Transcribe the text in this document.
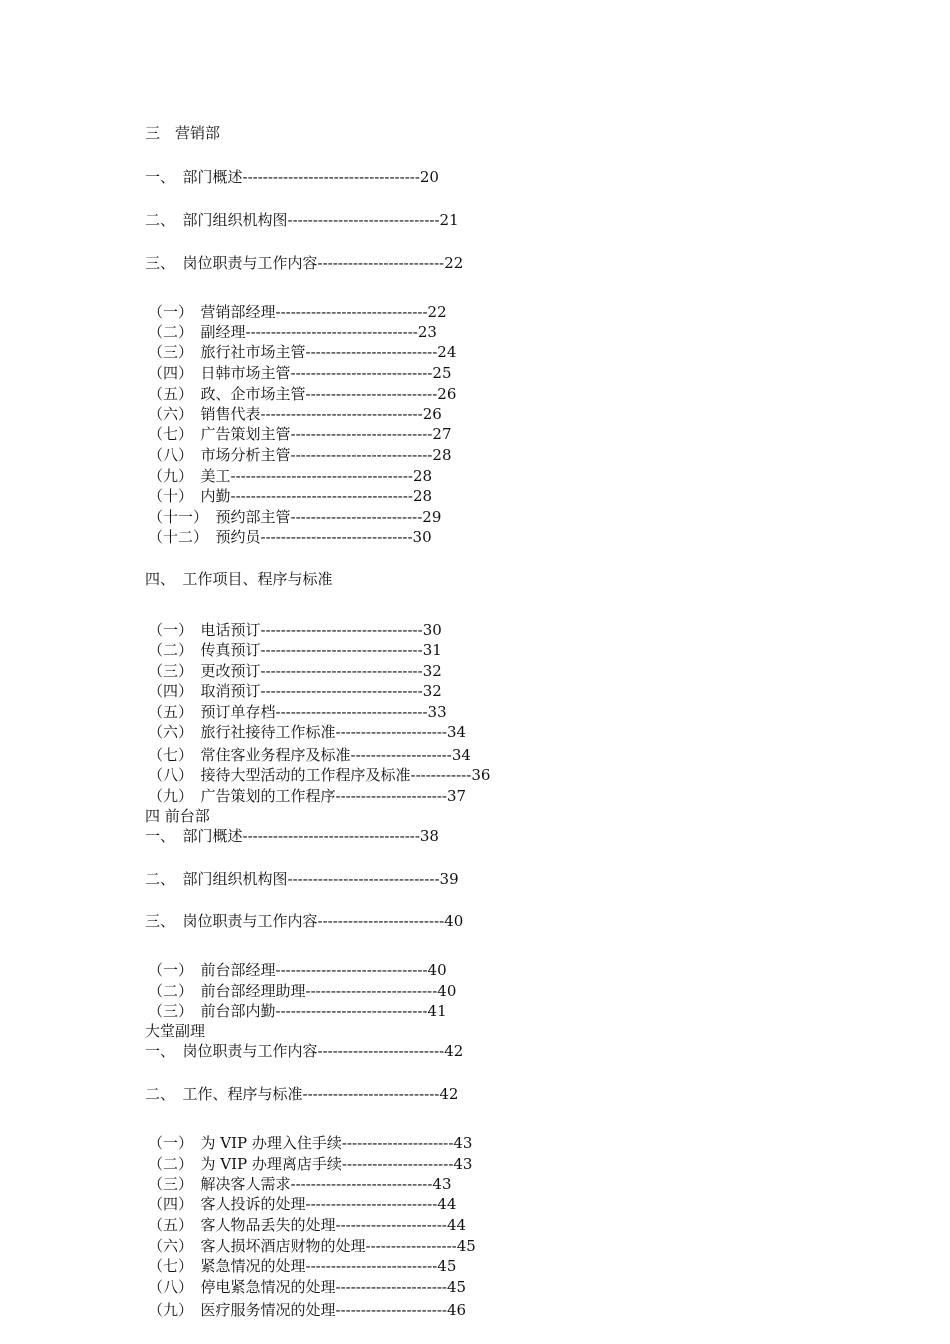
三　营销部
一、　部门概述-----------------------------------20
二、　部门组织机构图------------------------------21
三、　岗位职责与工作内容-------------------------22
（一）　营销部经理------------------------------22
（二）　副经理----------------------------------23
（三）　旅行社市场主管--------------------------24
（四）　日韩市场主管----------------------------25
（五）　政、企市场主管--------------------------26
（六）　销售代表--------------------------------26
（七）　广告策划主管----------------------------27
（八）　市场分析主管----------------------------28
（九）　美工------------------------------------28
（十）　内勤------------------------------------28
（十一）　预约部主管--------------------------29
（十二）　预约员------------------------------30
四、　工作项目、程序与标准
（一）　电话预订--------------------------------30
（二）　传真预订--------------------------------31
（三）　更改预订--------------------------------32
（四）　取消预订--------------------------------32
（五）　预订单存档------------------------------33
（六）　旅行社接待工作标准----------------------34
（七）　常住客业务程序及标准--------------------34
（八）　接待大型活动的工作程序及标准------------36
（九）　广告策划的工作程序----------------------37
四 前台部
一、　部门概述-----------------------------------38
二、　部门组织机构图------------------------------39
三、　岗位职责与工作内容-------------------------40
（一）　前台部经理------------------------------40
（二）　前台部经理助理--------------------------40
（三）　前台部内勤------------------------------41
大堂副理
一、　岗位职责与工作内容-------------------------42
二、　工作、程序与标准---------------------------42
（一）　为 VIP 办理入住手续----------------------43
（二）　为 VIP 办理离店手续----------------------43
（三）　解决客人需求----------------------------43
（四）　客人投诉的处理--------------------------44
（五）　客人物品丢失的处理----------------------44
（六）　客人损坏酒店财物的处理------------------45
（七）　紧急情况的处理--------------------------45
（八）　停电紧急情况的处理----------------------45
（九）　医疗服务情况的处理----------------------46
